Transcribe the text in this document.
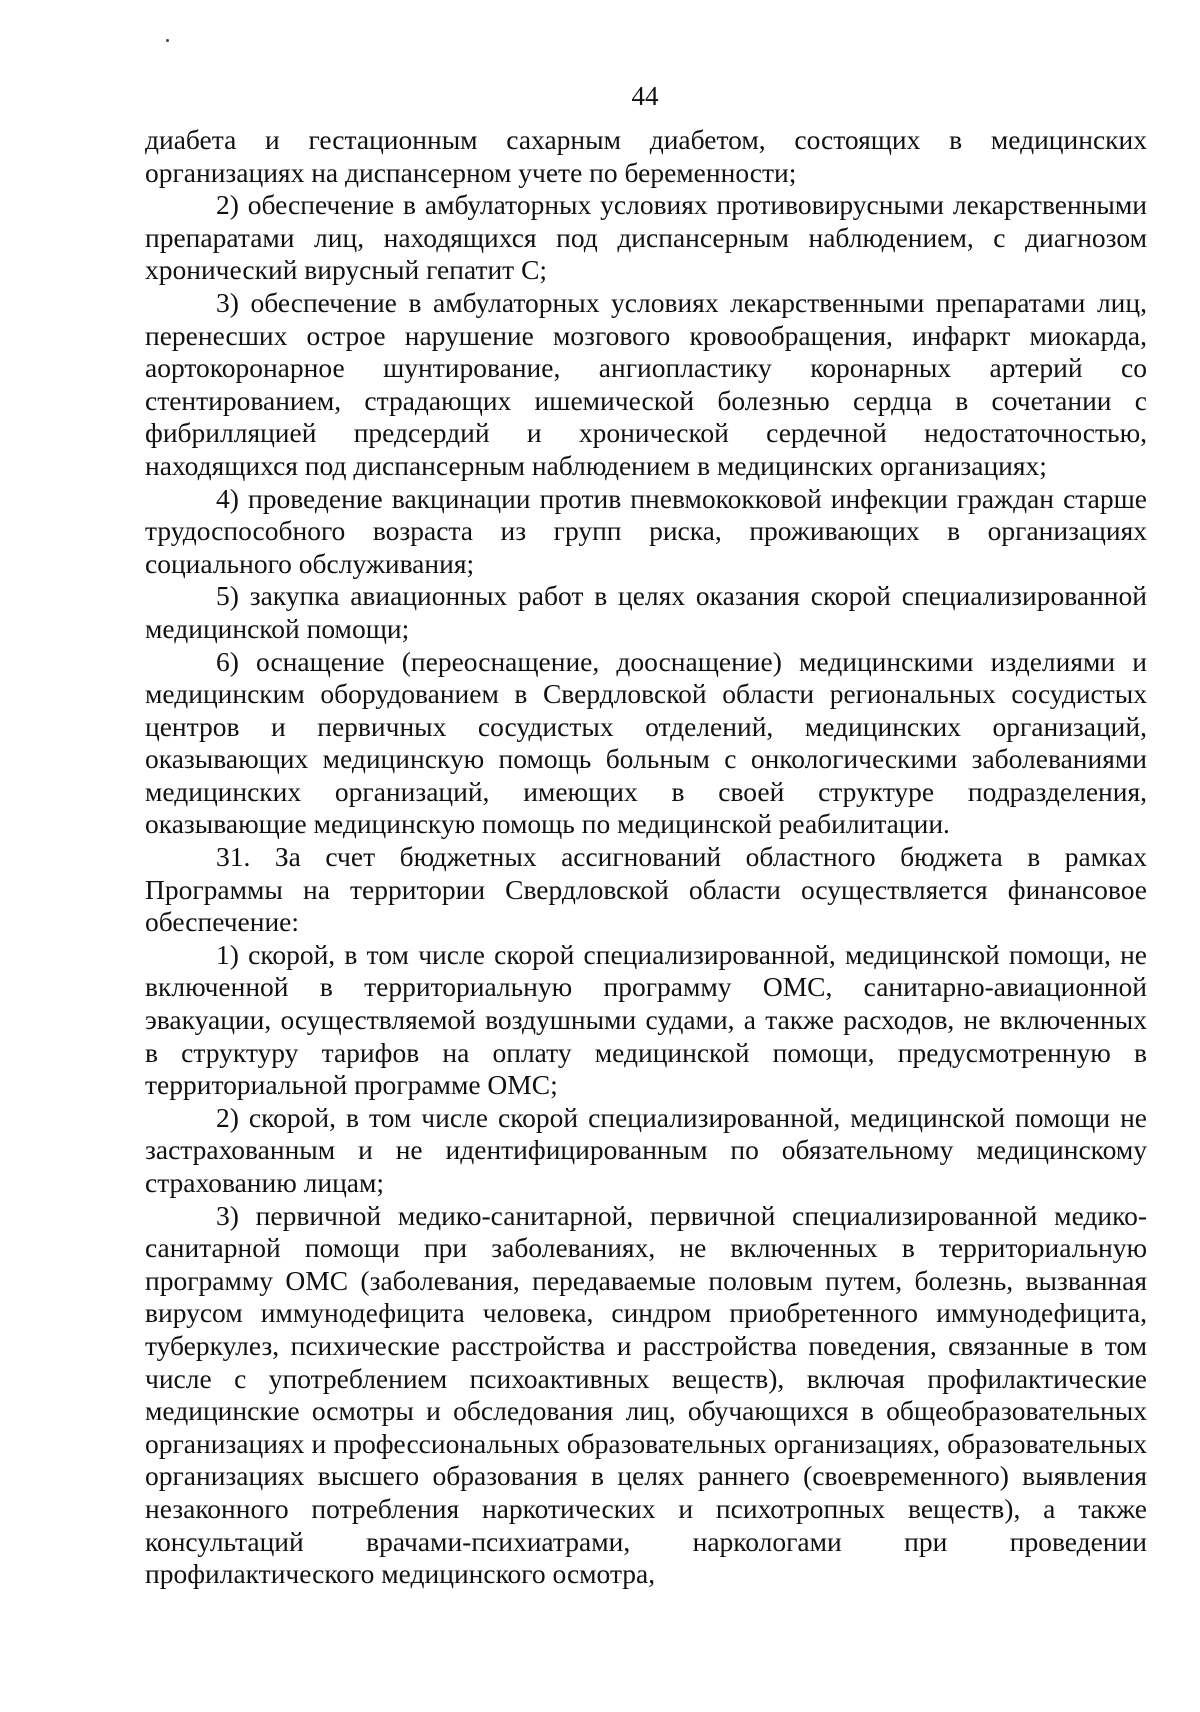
44

диабета и гестационным сахарным диабетом, состоящих в медицинских организациях на диспансерном учете по беременности;

2) обеспечение в амбулаторных условиях противовирусными лекарственными препаратами лиц, находящихся под диспансерным наблюдением, с диагнозом хронический вирусный гепатит С;

3) обеспечение в амбулаторных условиях лекарственными препаратами лиц, перенесших острое нарушение мозгового кровообращения, инфаркт миокарда, аортокоронарное шунтирование, ангиопластику коронарных артерий со стентированием, страдающих ишемической болезнью сердца в сочетании с фибрилляцией предсердий и хронической сердечной недостаточностью, находящихся под диспансерным наблюдением в медицинских организациях;

4) проведение вакцинации против пневмококковой инфекции граждан старше трудоспособного возраста из групп риска, проживающих в организациях социального обслуживания;

5) закупка авиационных работ в целях оказания скорой специализированной медицинской помощи;

6) оснащение (переоснащение, дооснащение) медицинскими изделиями и медицинским оборудованием в Свердловской области региональных сосудистых центров и первичных сосудистых отделений, медицинских организаций, оказывающих медицинскую помощь больным с онкологическими заболеваниями медицинских организаций, имеющих в своей структуре подразделения, оказывающие медицинскую помощь по медицинской реабилитации.

31. За счет бюджетных ассигнований областного бюджета в рамках Программы на территории Свердловской области осуществляется финансовое обеспечение:

1) скорой, в том числе скорой специализированной, медицинской помощи, не включенной в территориальную программу ОМС, санитарно-авиационной эвакуации, осуществляемой воздушными судами, а также расходов, не включенных в структуру тарифов на оплату медицинской помощи, предусмотренную в территориальной программе ОМС;

2) скорой, в том числе скорой специализированной, медицинской помощи не застрахованным и не идентифицированным по обязательному медицинскому страхованию лицам;

3) первичной медико-санитарной, первичной специализированной медико-санитарной помощи при заболеваниях, не включенных в территориальную программу ОМС (заболевания, передаваемые половым путем, болезнь, вызванная вирусом иммунодефицита человека, синдром приобретенного иммунодефицита, туберкулез, психические расстройства и расстройства поведения, связанные в том числе с употреблением психоактивных веществ), включая профилактические медицинские осмотры и обследования лиц, обучающихся в общеобразовательных организациях и профессиональных образовательных организациях, образовательных организациях высшего образования в целях раннего (своевременного) выявления незаконного потребления наркотических и психотропных веществ), а также консультаций врачами-психиатрами, наркологами при проведении профилактического медицинского осмотра,
